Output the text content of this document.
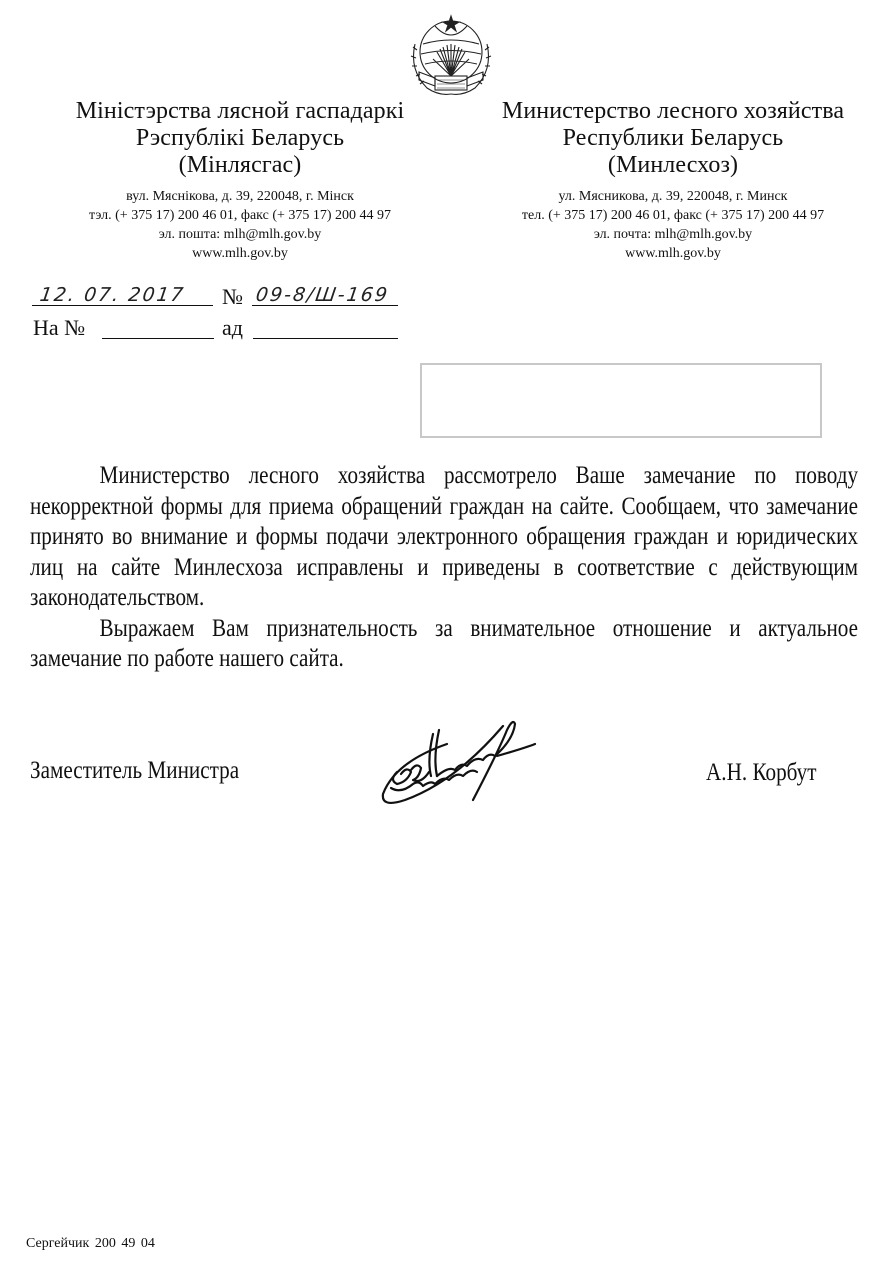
Міністэрства лясной гаспадаркі
Рэспублікі Беларусь
(Мінлясгас)
вул. Мяснікова, д. 39, 220048, г. Мінск
тэл. (+ 375 17) 200 46 01, факс (+ 375 17) 200 44 97
эл. пошта: mlh@mlh.gov.by
www.mlh.gov.by
Министерство лесного хозяйства
Республики Беларусь
(Минлесхоз)
ул. Мясникова, д. 39, 220048, г. Минск
тел. (+ 375 17) 200 46 01, факс (+ 375 17) 200 44 97
эл. почта: mlh@mlh.gov.by
www.mlh.gov.by
12. 07. 2017 № 09-8/Ш-169
На №	ад
Министерство лесного хозяйства рассмотрело Ваше замечание по поводу некорректной формы для приема обращений граждан на сайте. Сообщаем, что замечание принято во внимание и формы подачи электронного обращения граждан и юридических лиц на сайте Минлесхоза исправлены и приведены в соответствие с действующим законодательством.
Выражаем Вам признательность за внимательное отношение и актуальное замечание по работе нашего сайта.
Заместитель Министра	А.Н. Корбут
Сергейчик 200 49 04
